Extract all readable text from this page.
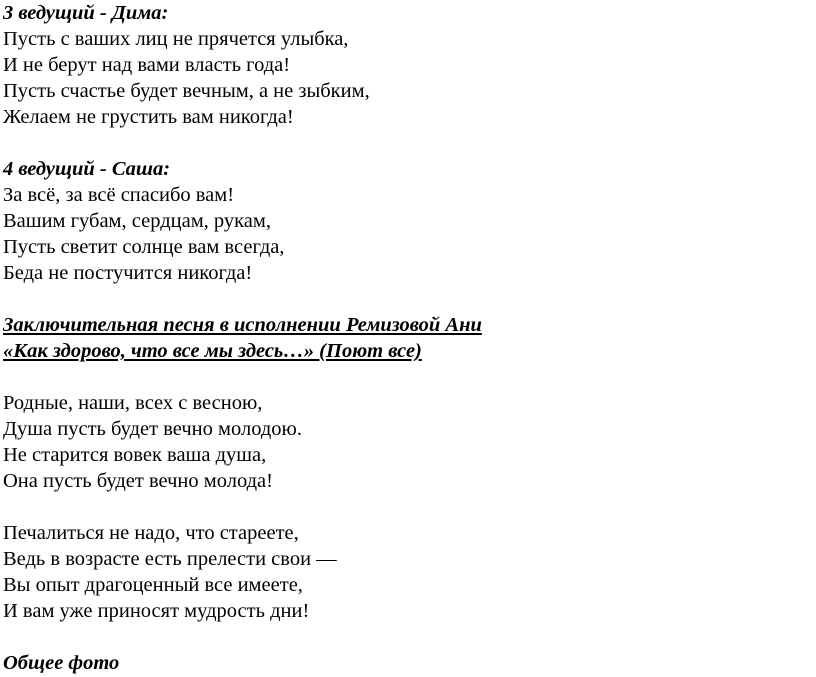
3 ведущий - Дима:

Пусть с ваших лиц не прячется улыбка,

И не берут над вами власть года!

Пусть счастье будет вечным, а не зыбким,

Желаем не грустить вам никогда!

4 ведущий - Саша:

За всё, за всё спасибо вам!

Вашим губам, сердцам, рукам,

Пусть светит солнце вам всегда,

Беда не постучится никогда!

Заключительная песня в исполнении Ремизовой Ани

«Как здорово, что все мы здесь…» (Поют все)

Родные, наши, всех с весною,

Душа пусть будет вечно молодою.

Не старится вовек ваша душа,

Она пусть будет вечно молода!

Печалиться не надо, что стареете,

Ведь в возрасте есть прелести свои —

Вы опыт драгоценный все имеете,

И вам уже приносят мудрость дни!

Общее фото
